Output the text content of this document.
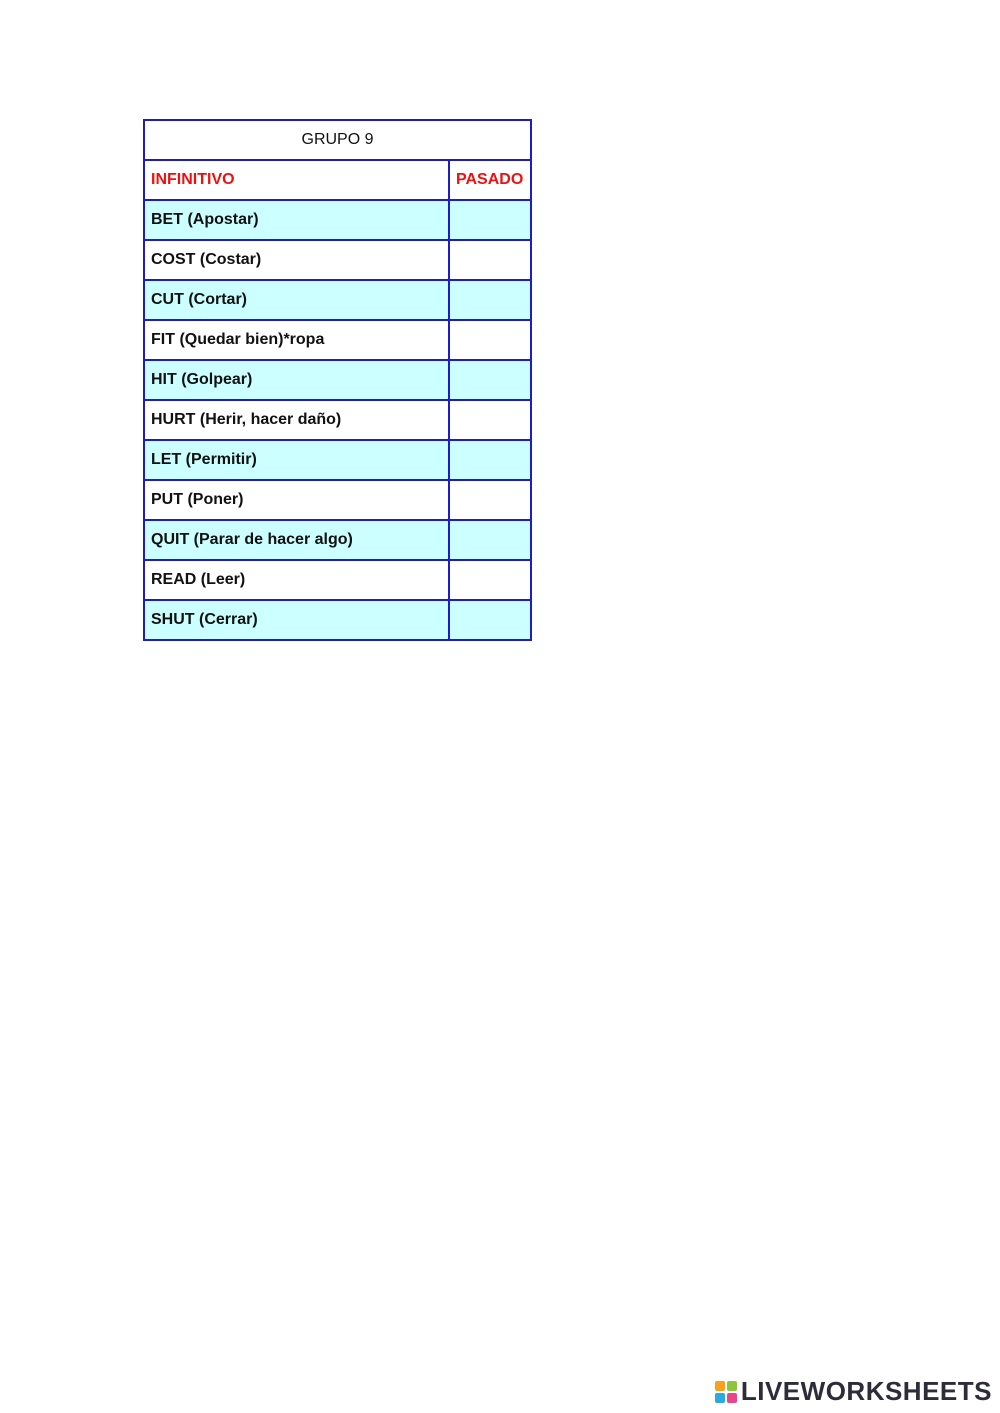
GRUPO 9	
INFINITIVO	PASADO
BET (Apostar)	
COST (Costar)	
CUT (Cortar)	
FIT (Quedar bien)*ropa	
HIT (Golpear)	
HURT (Herir, hacer daño)	
LET (Permitir)	
PUT (Poner)	
QUIT (Parar de hacer algo)	
READ (Leer)	
SHUT (Cerrar)	
LIVEWORKSHEETS
